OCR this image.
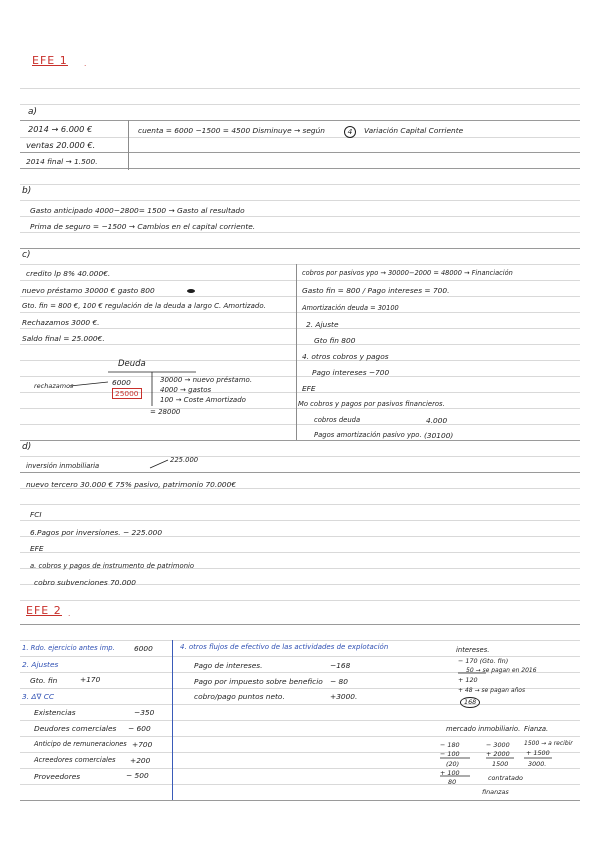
EFE 1 .
a)
2014 → 6.000 €
ventas 20.000 €.
2014 final → 1.500.
cuenta = 6000 −1500 = 4500 Disminuye → según	4	Variación Capital Corriente
b)
Gasto anticipado 4000−2800= 1500 → Gasto al resultado
Prima de seguro = −1500 → Cambios en el capital corriente.
c)
credito lp 8% 40.000€.
nuevo préstamo 30000 € gasto 800
Gto. fin = 800 €, 100 € regulación de la deuda a largo C. Amortizado.
Rechazamos 3000 €.
Saldo final = 25.000€.
Deuda
rechazamos	6000
25000
30000 → nuevo préstamo.
4000 → gastos
100 → Coste Amortizado
= 28000
cobros por pasivos ypo → 30000−2000 = 48000 → Financiación
Gasto fin = 800 / Pago intereses = 700.
Amortización deuda = 30100
2. Ajuste
Gto fin 800
4. otros cobros y pagos
Pago intereses −700
EFE
Mo cobros y pagos por pasivos financieros.
cobros deuda	4.000
Pagos amortización pasivo ypo. (30100)
d)
inversión inmobiliaria
225.000
nuevo tercero 30.000 € 75% pasivo, patrimonio 70.000€
FCI
6.Pagos por inversiones. − 225.000
EFE
a. cobros y pagos de instrumento de patrimonio
cobro subvenciones 70.000
EFE 2 .
1. Rdo. ejercicio antes imp.	6000
2. Ajustes
Gto. fin	+170
3. Δ∇ CC
Existencias	−350
Deudores comerciales − 600
Anticipo de remuneraciones +700
Acreedores comerciales +200
Proveedores	− 500
4. otros flujos de efectivo de las actividades de explotación
Pago de intereses.	−168
Pago por impuesto sobre beneficio − 80
cobro/pago puntos neto.	+3000.
intereses.
− 170 (Gto. fin)
50 → se pagan en 2016
+ 120
+ 48 → se pagan años
168
mercado inmobiliario. Fianza.
− 180	− 3000 1500 → a recibir
− 100	+ 2000	+ 1500
(20)	1500	3000.
+ 100
contratado
80
finanzas
